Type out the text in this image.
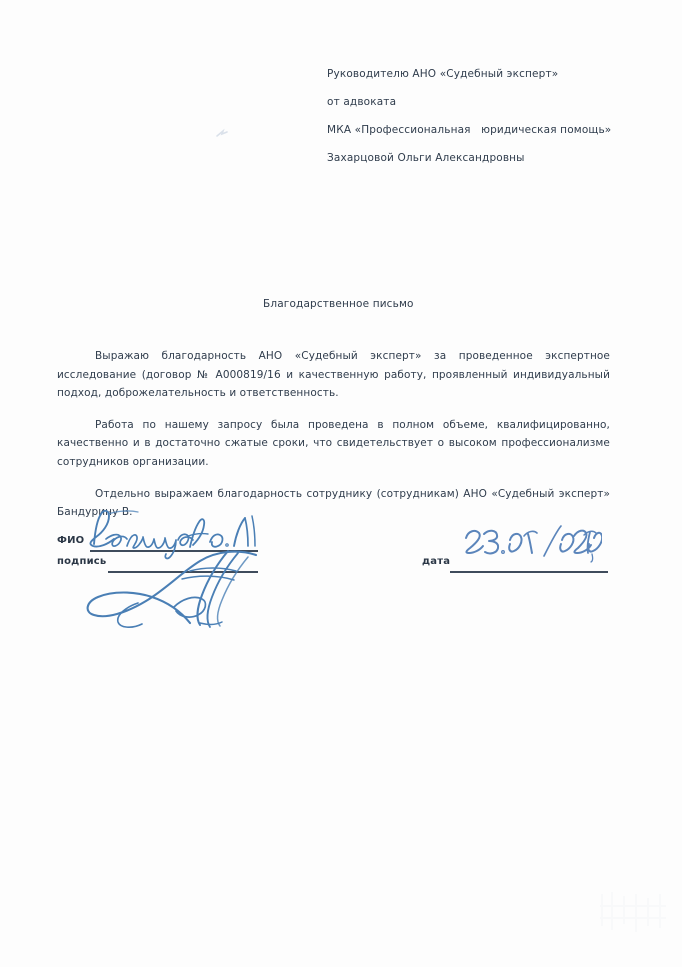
Руководителю АНО «Судебный эксперт»
от адвоката
МКА «Профессиональная   юридическая помощь»
Захарцовой Ольги Александровны
Благодарственное письмо

Выражаю благодарность АНО «Судебный эксперт» за проведенное экспертное исследование (договор № А000819/16 и качественную работу, проявленный индивидуальный подход, доброжелательность и ответственность.

Работа по нашему запросу была проведена в полном объеме, квалифицированно, качественно и в достаточно сжатые сроки, что свидетельствует о высоком профессионализме сотрудников организации.

Отдельно выражаем благодарность сотруднику (сотрудникам) АНО «Судебный эксперт» Бандурину В.

ФИО
подпись	дата
